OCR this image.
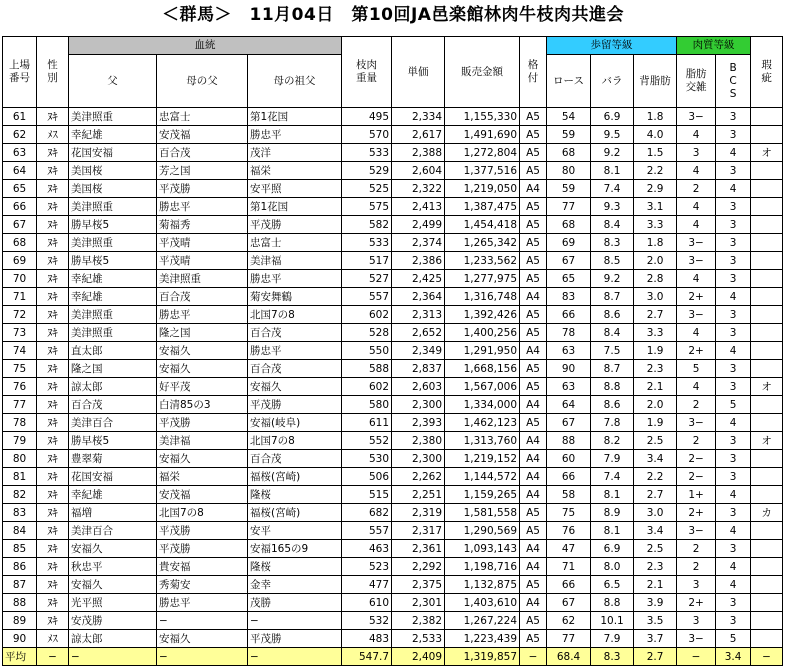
＜群馬＞　11月04日　第10回JA邑楽館林肉牛枝肉共進会
上場番号	性別	血統			枝肉重量	単価	販売金額	格付	歩留等級			肉質等級		瑕疵
		父	母の父	母の祖父					ロース	バラ	背脂肪	脂肪交雑	BCS	
61	ﾇｷ	美津照重	忠富士	第1花国	495	2,334	1,155,330	A5	54	6.9	1.8	3−	3	
62	ﾒｽ	幸紀雄	安茂福	勝忠平	570	2,617	1,491,690	A5	59	9.5	4.0	4	3	
63	ﾇｷ	花国安福	百合茂	茂洋	533	2,388	1,272,804	A5	68	9.2	1.5	3	4	オ
64	ﾇｷ	美国桜	芳之国	福栄	529	2,604	1,377,516	A5	80	8.1	2.2	4	3	
65	ﾇｷ	美国桜	平茂勝	安平照	525	2,322	1,219,050	A4	59	7.4	2.9	2	4	
66	ﾇｷ	美津照重	勝忠平	第1花国	575	2,413	1,387,475	A5	77	9.3	3.1	4	3	
67	ﾇｷ	勝早桜5	菊福秀	平茂勝	582	2,499	1,454,418	A5	68	8.4	3.3	4	3	
68	ﾇｷ	美津照重	平茂晴	忠富士	533	2,374	1,265,342	A5	69	8.3	1.8	3−	3	
69	ﾇｷ	勝早桜5	平茂晴	美津福	517	2,386	1,233,562	A5	67	8.5	2.0	3−	3	
70	ﾇｷ	幸紀雄	美津照重	勝忠平	527	2,425	1,277,975	A5	65	9.2	2.8	4	3	
71	ﾇｷ	幸紀雄	百合茂	菊安舞鶴	557	2,364	1,316,748	A4	83	8.7	3.0	2+	4	
72	ﾇｷ	美津照重	勝忠平	北国7の8	602	2,313	1,392,426	A5	66	8.6	2.7	3−	3	
73	ﾇｷ	美津照重	隆之国	百合茂	528	2,652	1,400,256	A5	78	8.4	3.3	4	3	
74	ﾇｷ	直太郎	安福久	勝忠平	550	2,349	1,291,950	A4	63	7.5	1.9	2+	4	
75	ﾇｷ	隆之国	安福久	百合茂	588	2,837	1,668,156	A5	90	8.7	2.3	5	3	
76	ﾇｷ	諒太郎	好平茂	安福久	602	2,603	1,567,006	A5	63	8.8	2.1	4	3	オ
77	ﾇｷ	百合茂	白清85の3	平茂勝	580	2,300	1,334,000	A4	64	8.6	2.0	2	5	
78	ﾇｷ	美津百合	平茂勝	安福(岐阜)	611	2,393	1,462,123	A5	67	7.8	1.9	3−	4	
79	ﾇｷ	勝早桜5	美津福	北国7の8	552	2,380	1,313,760	A4	88	8.2	2.5	2	3	オ
80	ﾇｷ	豊翠菊	安福久	百合茂	530	2,300	1,219,152	A4	60	7.9	3.4	2−	3	
81	ﾇｷ	花国安福	福栄	福桜(宮崎)	506	2,262	1,144,572	A4	66	7.4	2.2	2−	3	
82	ﾇｷ	幸紀雄	安茂福	隆桜	515	2,251	1,159,265	A4	58	8.1	2.7	1+	4	
83	ﾇｷ	福増	北国7の8	福桜(宮崎)	682	2,319	1,581,558	A5	75	8.9	3.0	2+	3	カ
84	ﾇｷ	美津百合	平茂勝	安平	557	2,317	1,290,569	A5	76	8.1	3.4	3−	4	
85	ﾇｷ	安福久	平茂勝	安福165の9	463	2,361	1,093,143	A4	47	6.9	2.5	2	3	
86	ﾇｷ	秋忠平	貴安福	隆桜	523	2,292	1,198,716	A4	71	8.0	2.3	2	4	
87	ﾇｷ	安福久	秀菊安	金幸	477	2,375	1,132,875	A5	66	6.5	2.1	3	4	
88	ﾇｷ	光平照	勝忠平	茂勝	610	2,301	1,403,610	A4	67	8.8	3.9	2+	3	
89	ﾇｷ	安茂勝	−	−	532	2,382	1,267,224	A5	62	10.1	3.5	3	3	
90	ﾒｽ	諒太郎	安福久	平茂勝	483	2,533	1,223,439	A5	77	7.9	3.7	3−	5	
平均	−	−	−	−	547.7	2,409	1,319,857	−	68.4	8.3	2.7	−	3.4	−
